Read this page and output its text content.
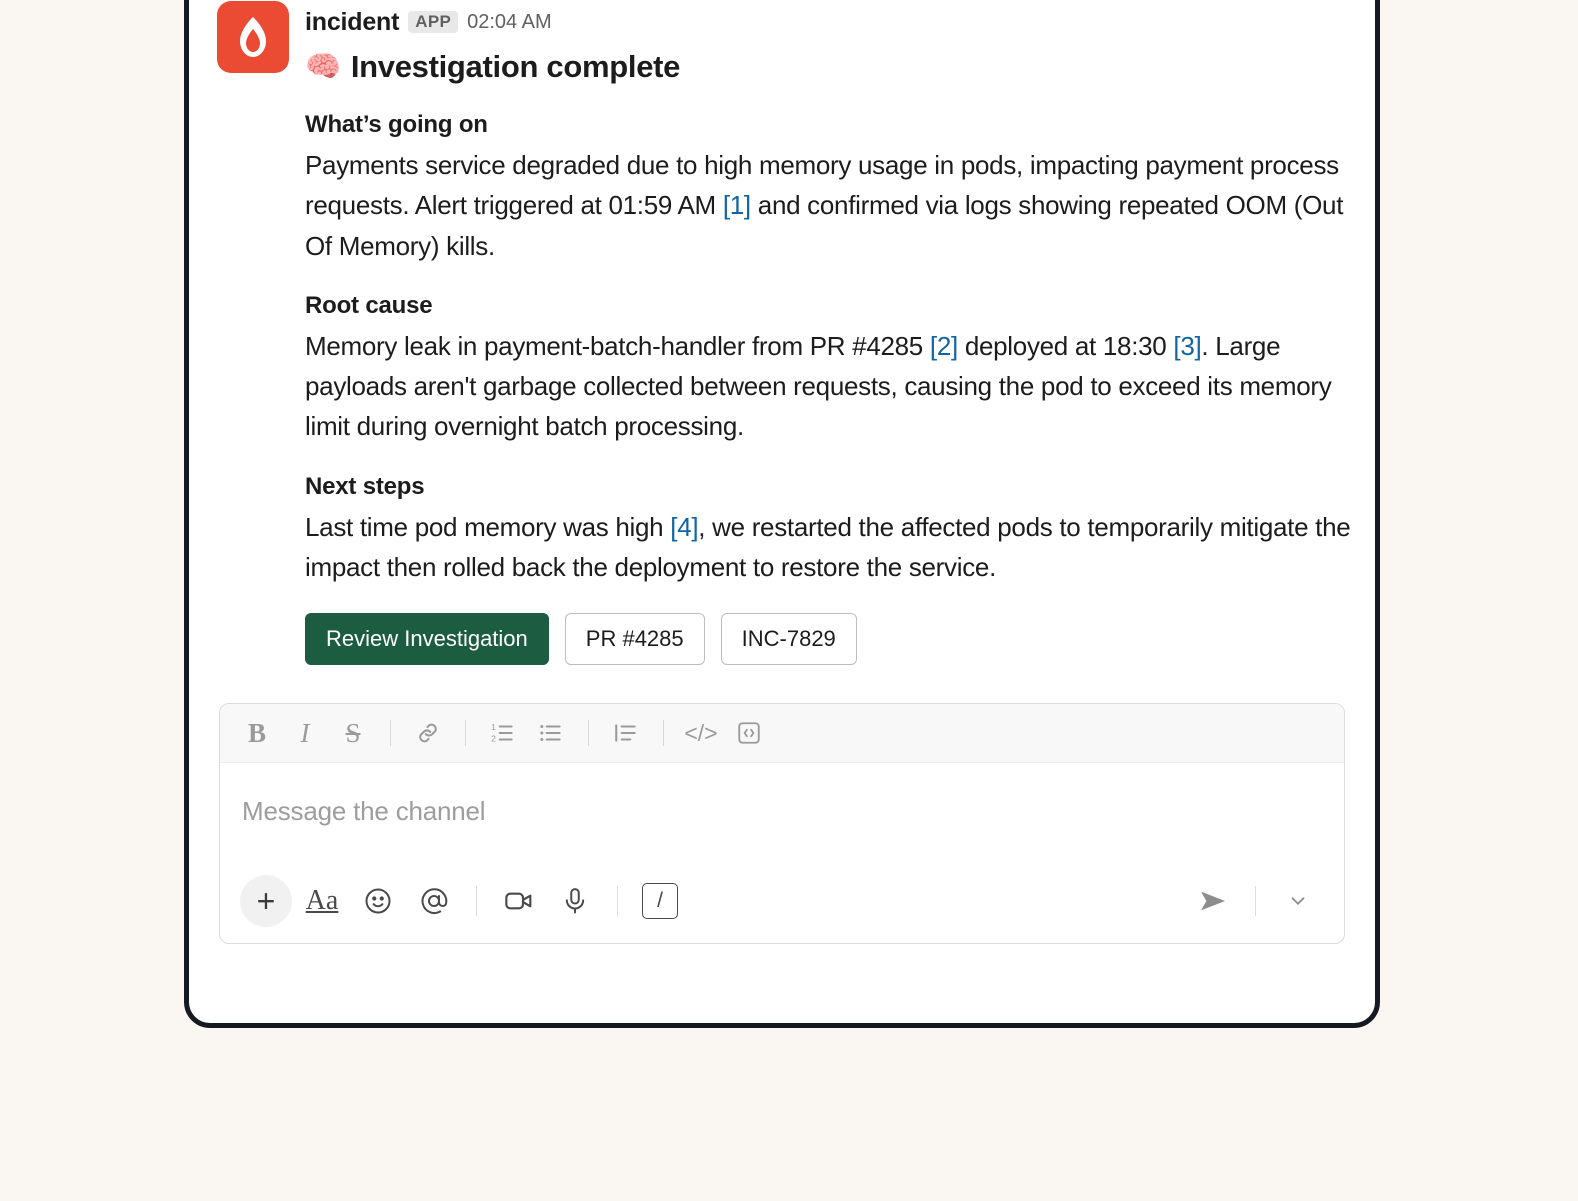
incident APP 02:04 AM
🧠 Investigation complete
What’s going on
Payments service degraded due to high memory usage in pods, impacting payment process requests. Alert triggered at 01:59 AM [1] and confirmed via logs showing repeated OOM (Out Of Memory) kills.
Root cause
Memory leak in payment-batch-handler from PR #4285 [2] deployed at 18:30 [3]. Large payloads aren't garbage collected between requests, causing the pod to exceed its memory limit during overnight batch processing.
Next steps
Last time pod memory was high [4], we restarted the affected pods to temporarily mitigate the impact then rolled back the deployment to restore the service.
Review Investigation	PR #4285	INC-7829
B	I	S	1
2	</>
Message the channel
+	Aa	/
